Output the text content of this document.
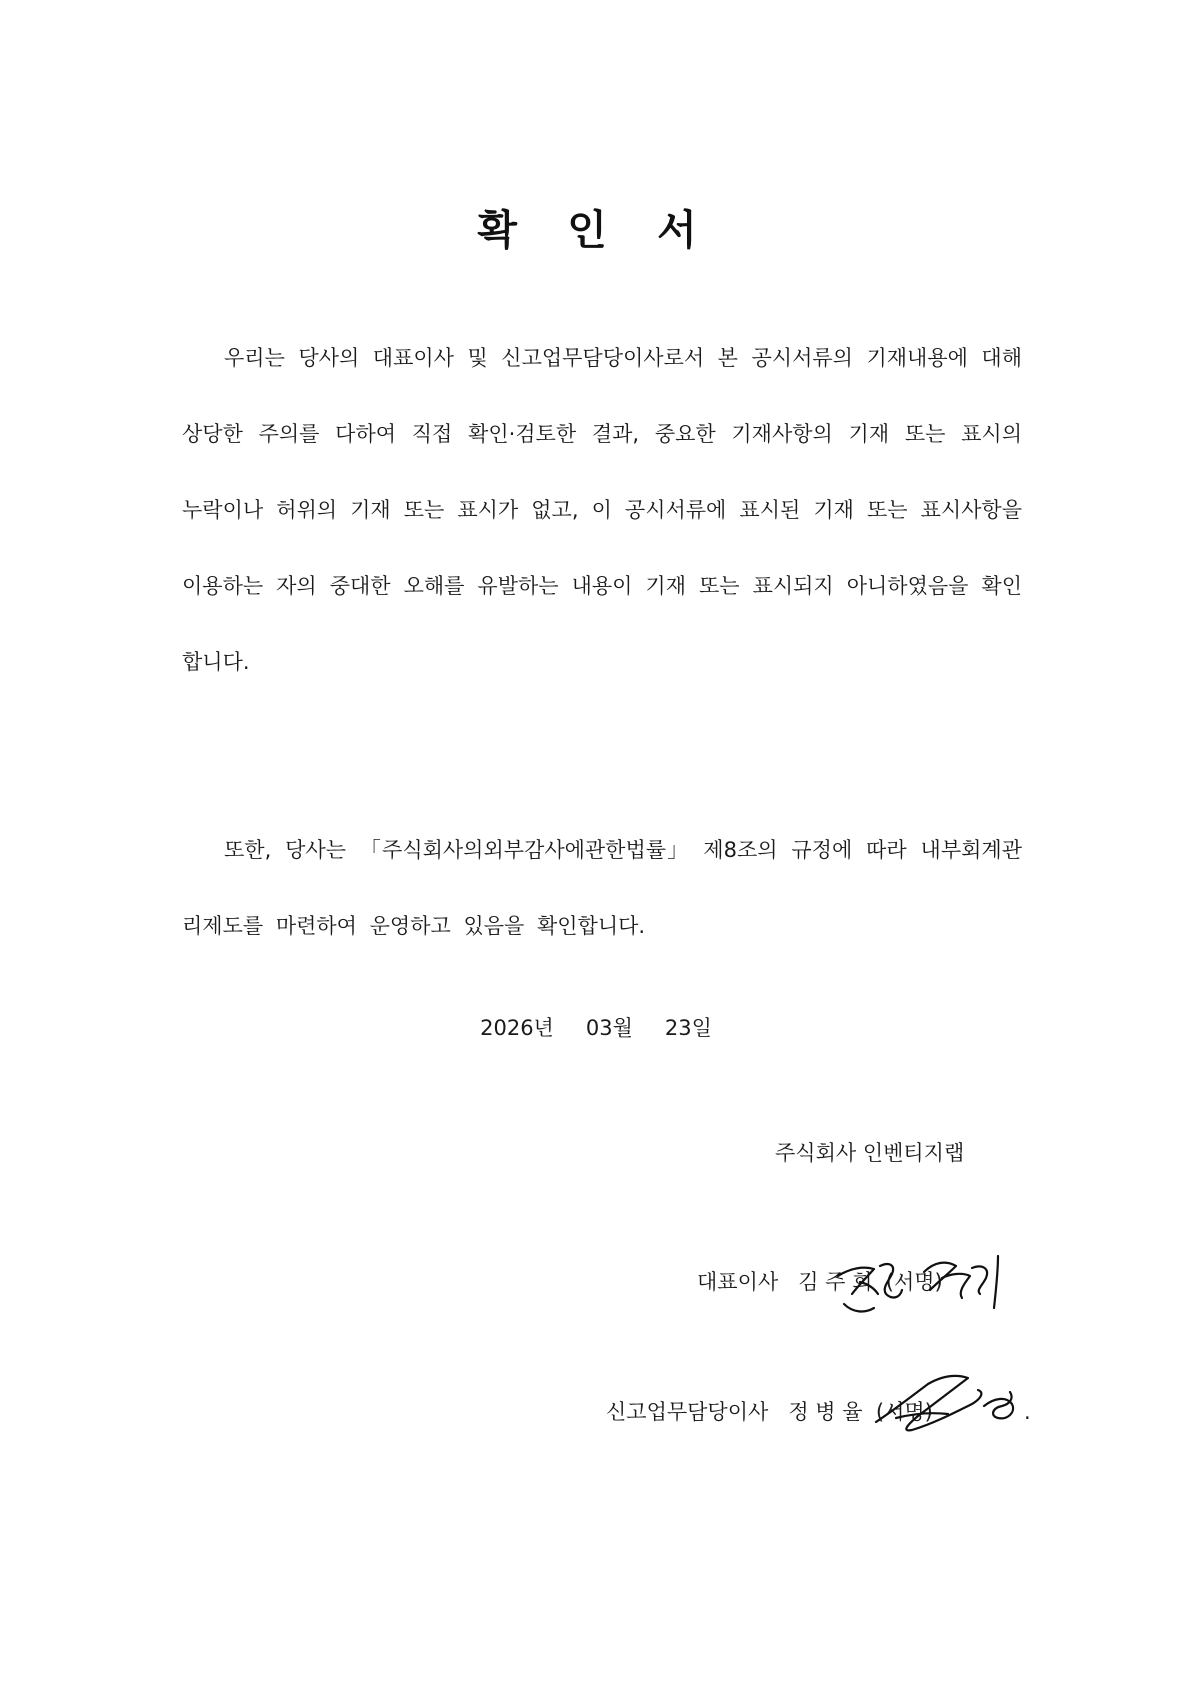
확 인 서

우리는 당사의 대표이사 및 신고업무담당이사로서 본 공시서류의 기재내용에 대해 상당한 주의를 다하여 직접 확인·검토한 결과, 중요한 기재사항의 기재 또는 표시의 누락이나 허위의 기재 또는 표시가 없고, 이 공시서류에 표시된 기재 또는 표시사항을 이용하는 자의 중대한 오해를 유발하는 내용이 기재 또는 표시되지 아니하였음을 확인합니다.

또한, 당사는 「주식회사의외부감사에관한법률」 제8조의 규정에 따라 내부회계관리제도를 마련하여 운영하고 있음을 확인합니다.

2026년 03월 23일
주식회사 인벤티지랩
대표이사 김 주 희 (서명)
신고업무담당이사 정 병 율 (서명)	.
